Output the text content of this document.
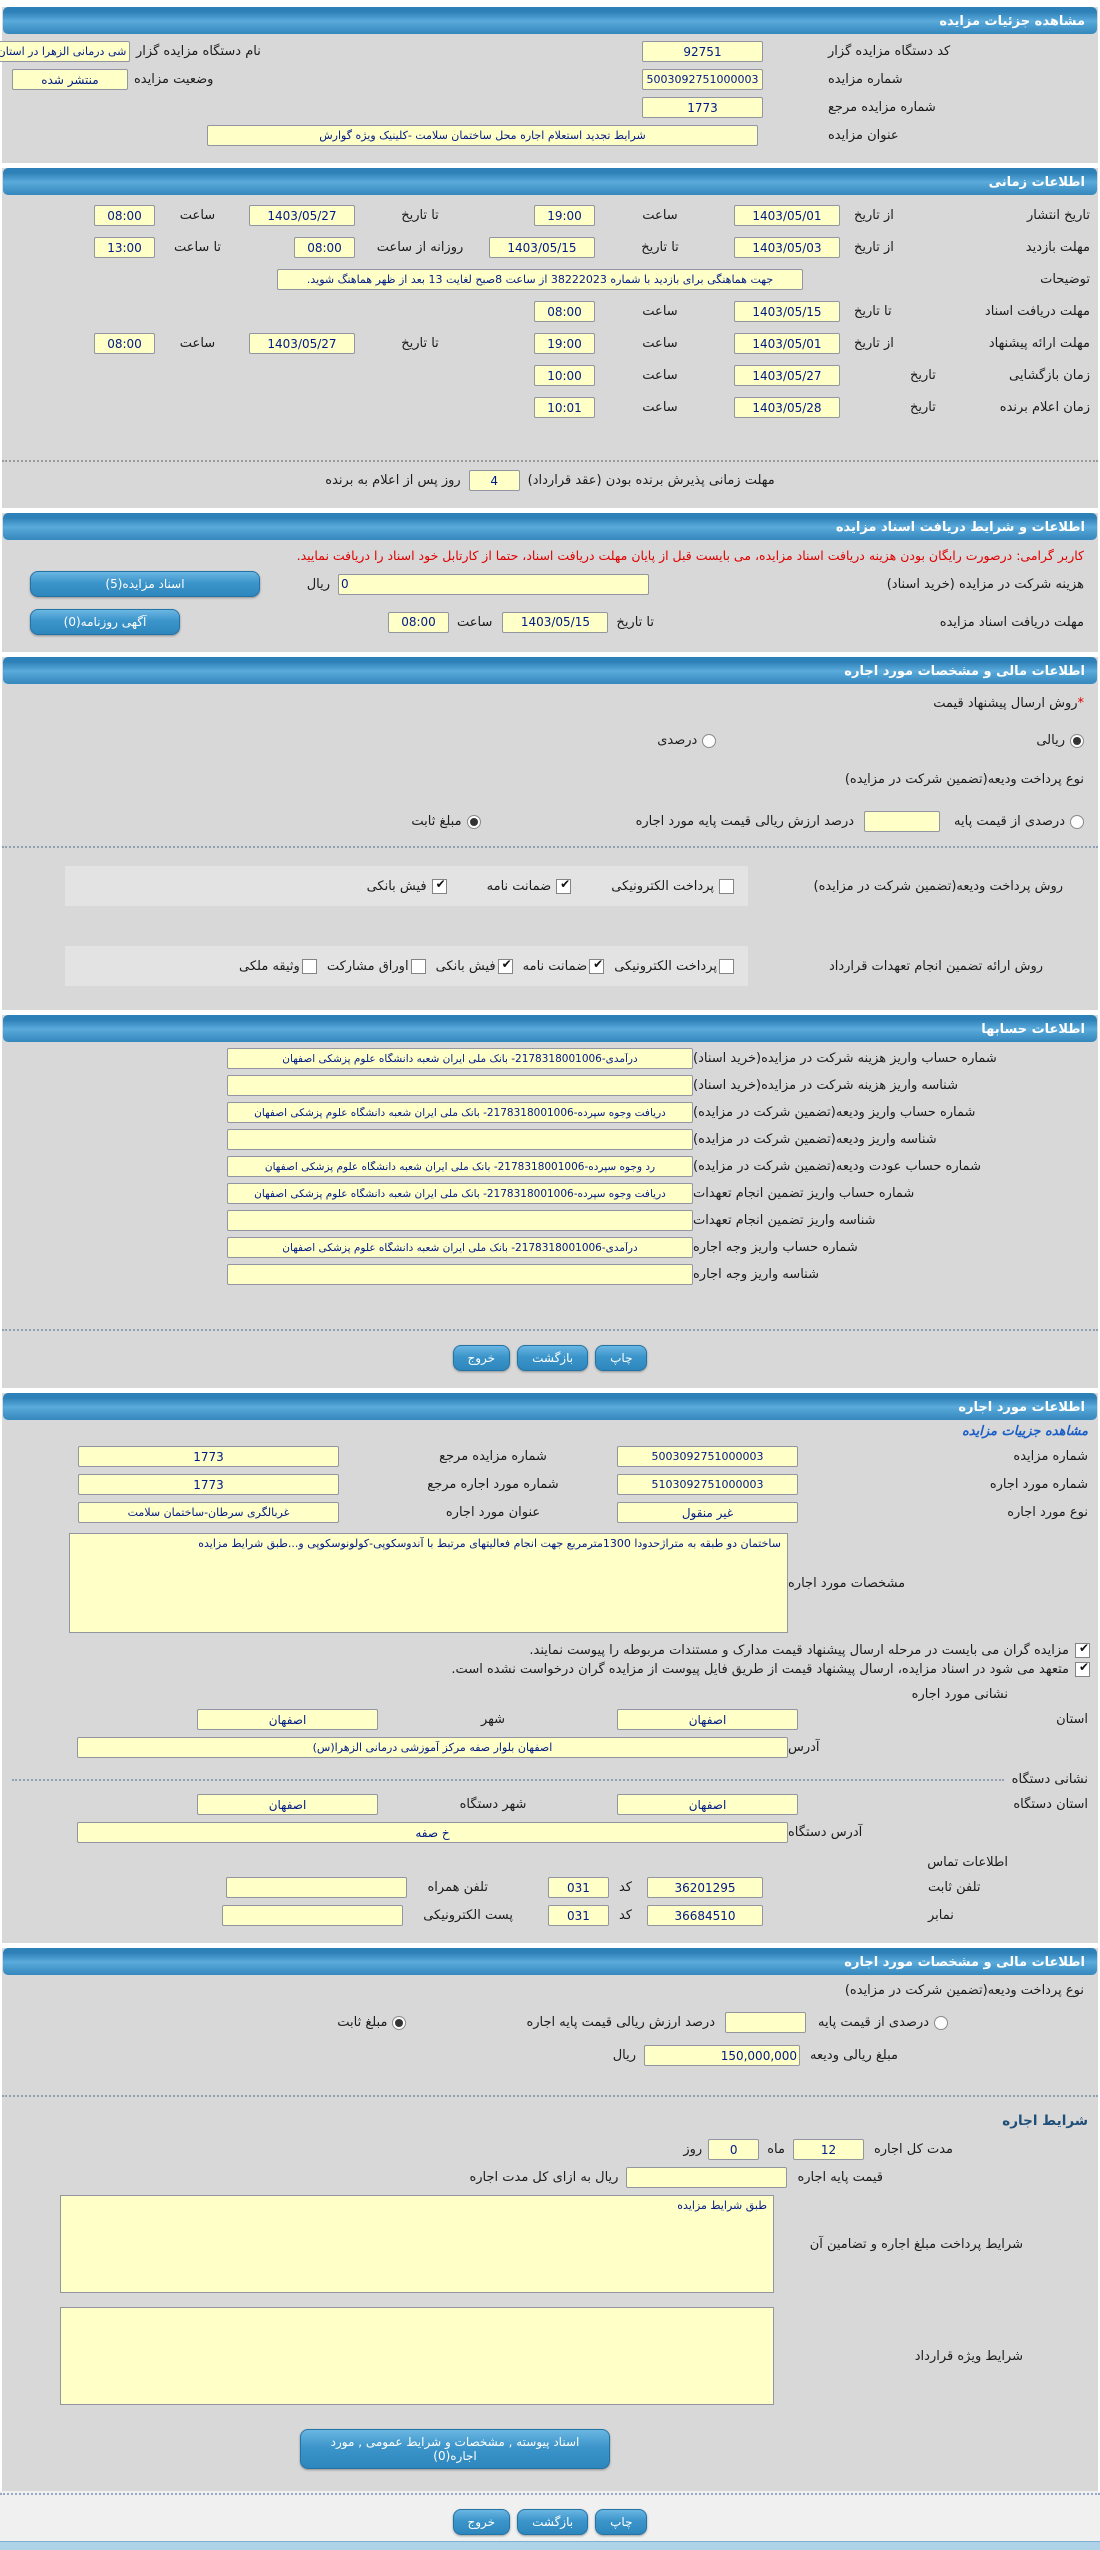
مشاهده جزئیات مزایده
کد دستگاه مزایده گزار
92751
نام دستگاه مزایده گزار
شی درمانی الزهرا در استان
شماره مزایده
5003092751000003
وضعیت مزایده
منتشر شده
شماره مزایده مرجع
1773
عنوان مزایده
شرایط تجدید استعلام اجاره محل ساختمان سلامت -کلینیک ویژه گوارش
اطلاعات زمانی
تاریخ انتشار
از تاریخ
1403/05/01
ساعت
19:00
تا تاریخ
1403/05/27
ساعت
08:00
مهلت بازدید
از تاریخ
1403/05/03
تا تاریخ
1403/05/15
روزانه از ساعت
08:00
تا ساعت
13:00
توضیحات
جهت هماهنگی برای بازدید با شماره 38222023 از ساعت 8صبح لغایت 13 بعد از ظهر هماهنگ شوید.
مهلت دریافت اسناد
تا تاریخ
1403/05/15
ساعت
08:00
مهلت ارائه پیشنهاد
از تاریخ
1403/05/01
ساعت
19:00
تا تاریخ
1403/05/27
ساعت
08:00
زمان بازگشایی
تاریخ
1403/05/27
ساعت
10:00
زمان اعلام برنده
تاریخ
1403/05/28
ساعت
10:01
مهلت زمانی پذیرش برنده بودن (عقد قرارداد)
4
روز پس از اعلام به برنده
اطلاعات و شرایط دریافت اسناد مزایده
کاربر گرامی: درصورت رایگان بودن هزینه دریافت اسناد مزایده، می بایست قبل از پایان مهلت دریافت اسناد، حتما از کارتابل خود اسناد را دریافت نمایید.
هزینه شرکت در مزایده (خرید اسناد)
0
ریال
اسناد مزایده(5)
مهلت دریافت اسناد مزایده
تا تاریخ
1403/05/15
ساعت
08:00
آگهی روزنامه(0)
اطلاعات مالی و مشخصات مورد اجاره
*
روش ارسال پیشنهاد قیمت
ریالی
درصدی
نوع پرداخت ودیعه(تضمین شرکت در مزایده)
درصدی از قیمت پایه
درصد ارزش ریالی قیمت پایه مورد اجاره
مبلغ ثابت
روش پرداخت ودیعه(تضمین شرکت در مزایده)
پرداخت الکترونیکی
✔
ضمانت نامه
✔
فیش بانکی
روش ارائه تضمین انجام تعهدات قرارداد
پرداخت الکترونیکی
✔
ضمانت نامه
✔
فیش بانکی
اوراق مشارکت
وثیقه ملکی
اطلاعات حسابها
شماره حساب واریز هزینه شرکت در مزایده(خرید اسناد)
درآمدی-2178318001006- بانک ملی ایران شعبه دانشگاه علوم پزشکی اصفهان
شناسه واریز هزینه شرکت در مزایده(خرید اسناد)
شماره حساب واریز ودیعه(تضمین شرکت در مزایده)
دریافت وجوه سپرده-2178318001006- بانک ملی ایران شعبه دانشگاه علوم پزشکی اصفهان
شناسه واریز ودیعه(تضمین شرکت در مزایده)
شماره حساب عودت ودیعه(تضمین شرکت در مزایده)
رد وجوه سپرده-2178318001006- بانک ملی ایران شعبه دانشگاه علوم پزشکی اصفهان
شماره حساب واریز تضمین انجام تعهدات
دریافت وجوه سپرده-2178318001006- بانک ملی ایران شعبه دانشگاه علوم پزشکی اصفهان
شناسه واریز تضمین انجام تعهدات
شماره حساب واریز وجه اجاره
درآمدی-2178318001006- بانک ملی ایران شعبه دانشگاه علوم پزشکی اصفهان
شناسه واریز وجه اجاره
چاپ
بازگشت
خروج
اطلاعات مورد اجاره
مشاهده جزییات مزایده
شماره مزایده
5003092751000003
شماره مزایده مرجع
1773
شماره مورد اجاره
5103092751000003
شماره مورد اجاره مرجع
1773
نوع مورد اجاره
غیر منقول
عنوان مورد اجاره
غربالگری سرطان-ساختمان سلامت
مشخصات مورد اجاره
ساختمان دو طبقه به متراژحدودا 1300مترمربع جهت انجام فعالیتهای مرتبط با آندوسکوپی-کولونوسکوپی و...طبق شرایط مزایده
✔
مزایده گران می بایست در مرحله ارسال پیشنهاد قیمت مدارک و مستندات مربوطه را پیوست نمایند.
✔
متعهد می شود در اسناد مزایده، ارسال پیشنهاد قیمت از طریق فایل پیوست از مزایده گران درخواست نشده است.
نشانی مورد اجاره
استان
اصفهان
شهر
اصفهان
آدرس
اصفهان بلوار صفه مرکز آموزشی درمانی الزهرا(س)
نشانی دستگاه
استان دستگاه
اصفهان
شهر دستگاه
اصفهان
آدرس دستگاه
خ صفه
اطلاعات تماس
تلفن ثابت
36201295
کد
031
تلفن همراه
نمابر
36684510
کد
031
پست الکترونیکی
اطلاعات مالی و مشخصات مورد اجاره
نوع پرداخت ودیعه(تضمین شرکت در مزایده)
درصدی از قیمت پایه
درصد ارزش ریالی قیمت پایه اجاره
مبلغ ثابت
مبلغ ریالی ودیعه
150,000,000
ریال
شرایط اجاره
مدت کل اجاره
12
ماه
0
روز
قیمت پایه اجاره
ریال به ازای کل مدت اجاره
شرایط پرداخت مبلغ اجاره و تضامین آن
طبق شرایط مزایده
شرایط ویژه قرارداد
اسناد پیوسته , مشخصات و شرایط عمومی , مورد اجاره(0)
چاپ
بازگشت
خروج
